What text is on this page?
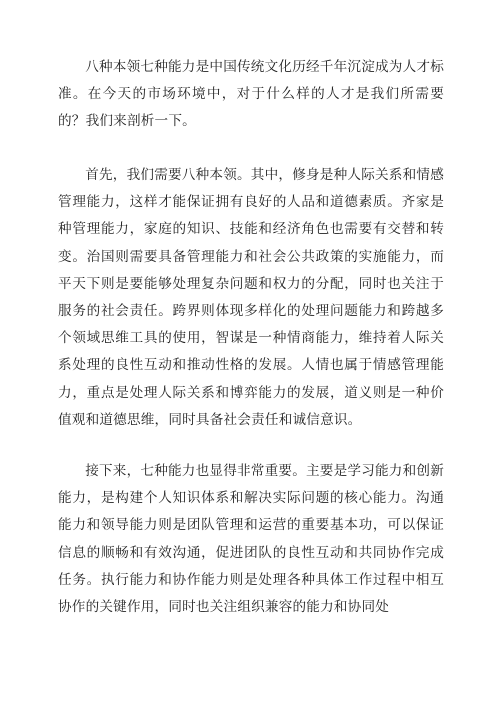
八种本领七种能力是中国传统文化历经千年沉淀成为人才标准。在今天的市场环境中，对于什么样的人才是我们所需要的？我们来剖析一下。

首先，我们需要八种本领。其中，修身是种人际关系和情感管理能力，这样才能保证拥有良好的人品和道德素质。齐家是种管理能力，家庭的知识、技能和经济角色也需要有交替和转变。治国则需要具备管理能力和社会公共政策的实施能力，而平天下则是要能够处理复杂问题和权力的分配，同时也关注于服务的社会责任。跨界则体现多样化的处理问题能力和跨越多个领域思维工具的使用，智谋是一种情商能力，维持着人际关系处理的良性互动和推动性格的发展。人情也属于情感管理能力，重点是处理人际关系和博弈能力的发展，道义则是一种价值观和道德思维，同时具备社会责任和诚信意识。

接下来，七种能力也显得非常重要。主要是学习能力和创新能力，是构建个人知识体系和解决实际问题的核心能力。沟通能力和领导能力则是团队管理和运营的重要基本功，可以保证信息的顺畅和有效沟通，促进团队的良性互动和共同协作完成任务。执行能力和协作能力则是处理各种具体工作过程中相互协作的关键作用，同时也关注组织兼容的能力和协同处
